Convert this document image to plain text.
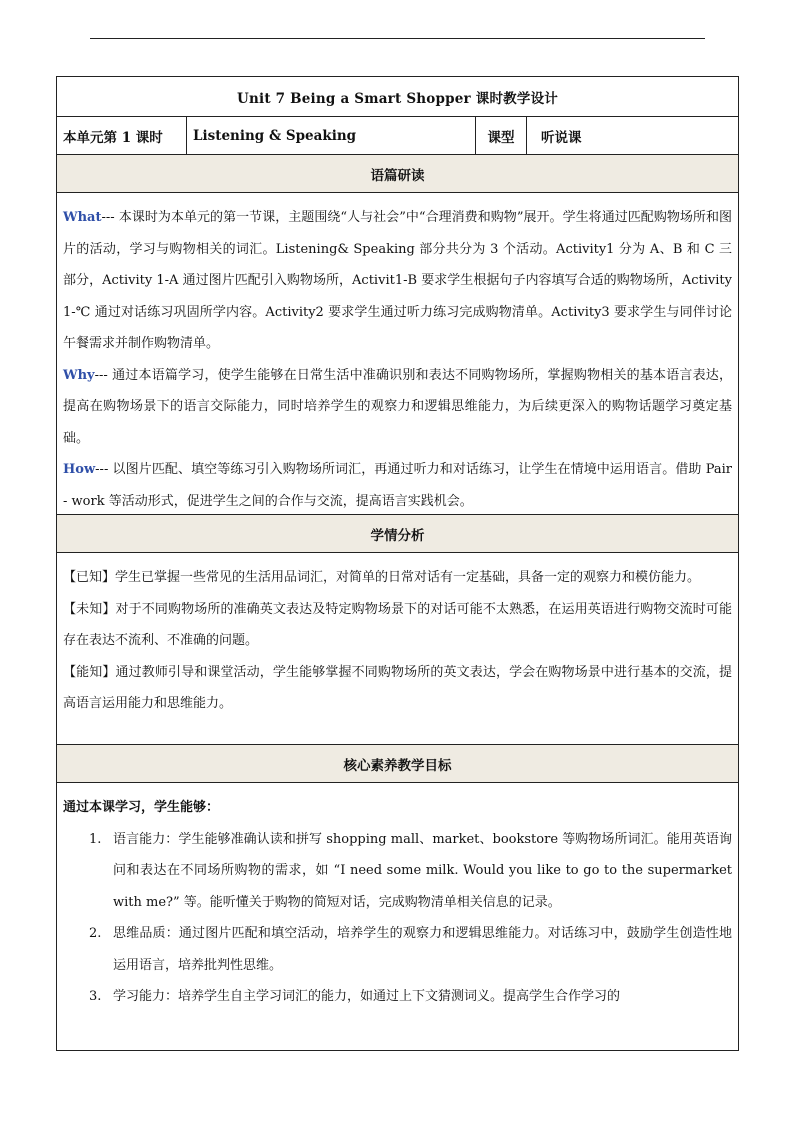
Unit 7 Being a Smart Shopper 课时教学设计
本单元第 1 课时	Listening & Speaking	课型	听说课
语篇研读
What--- 本课时为本单元的第一节课，主题围绕“人与社会”中“合理消费和购物”展开。学生将通过匹配购物场所和图片的活动，学习与购物相关的词汇。Listening& Speaking 部分共分为 3 个活动。Activity1 分为 A、B 和 C 三部分，Activity 1-A 通过图片匹配引入购物场所，Activit1-B 要求学生根据句子内容填写合适的购物场所，Activity 1-℃ 通过对话练习巩固所学内容。Activity2 要求学生通过听力练习完成购物清单。Activity3 要求学生与同伴讨论午餐需求并制作购物清单。
Why--- 通过本语篇学习，使学生能够在日常生活中准确识别和表达不同购物场所，掌握购物相关的基本语言表达，提高在购物场景下的语言交际能力，同时培养学生的观察力和逻辑思维能力，为后续更深入的购物话题学习奠定基础。
How--- 以图片匹配、填空等练习引入购物场所词汇，再通过听力和对话练习，让学生在情境中运用语言。借助 Pair - work 等活动形式，促进学生之间的合作与交流，提高语言实践机会。
学情分析
【已知】学生已掌握一些常见的生活用品词汇，对简单的日常对话有一定基础，具备一定的观察力和模仿能力。
【未知】对于不同购物场所的准确英文表达及特定购物场景下的对话可能不太熟悉，在运用英语进行购物交流时可能存在表达不流利、不准确的问题。
【能知】通过教师引导和课堂活动，学生能够掌握不同购物场所的英文表达，学会在购物场景中进行基本的交流，提高语言运用能力和思维能力。
核心素养教学目标
通过本课学习，学生能够：
1. 语言能力：学生能够准确认读和拼写 shopping mall、market、bookstore 等购物场所词汇。能用英语询问和表达在不同场所购物的需求，如 “I need some milk. Would you like to go to the supermarket with me?” 等。能听懂关于购物的简短对话，完成购物清单相关信息的记录。
2. 思维品质：通过图片匹配和填空活动，培养学生的观察力和逻辑思维能力。对话练习中，鼓励学生创造性地运用语言，培养批判性思维。
3. 学习能力：培养学生自主学习词汇的能力，如通过上下文猜测词义。提高学生合作学习的
